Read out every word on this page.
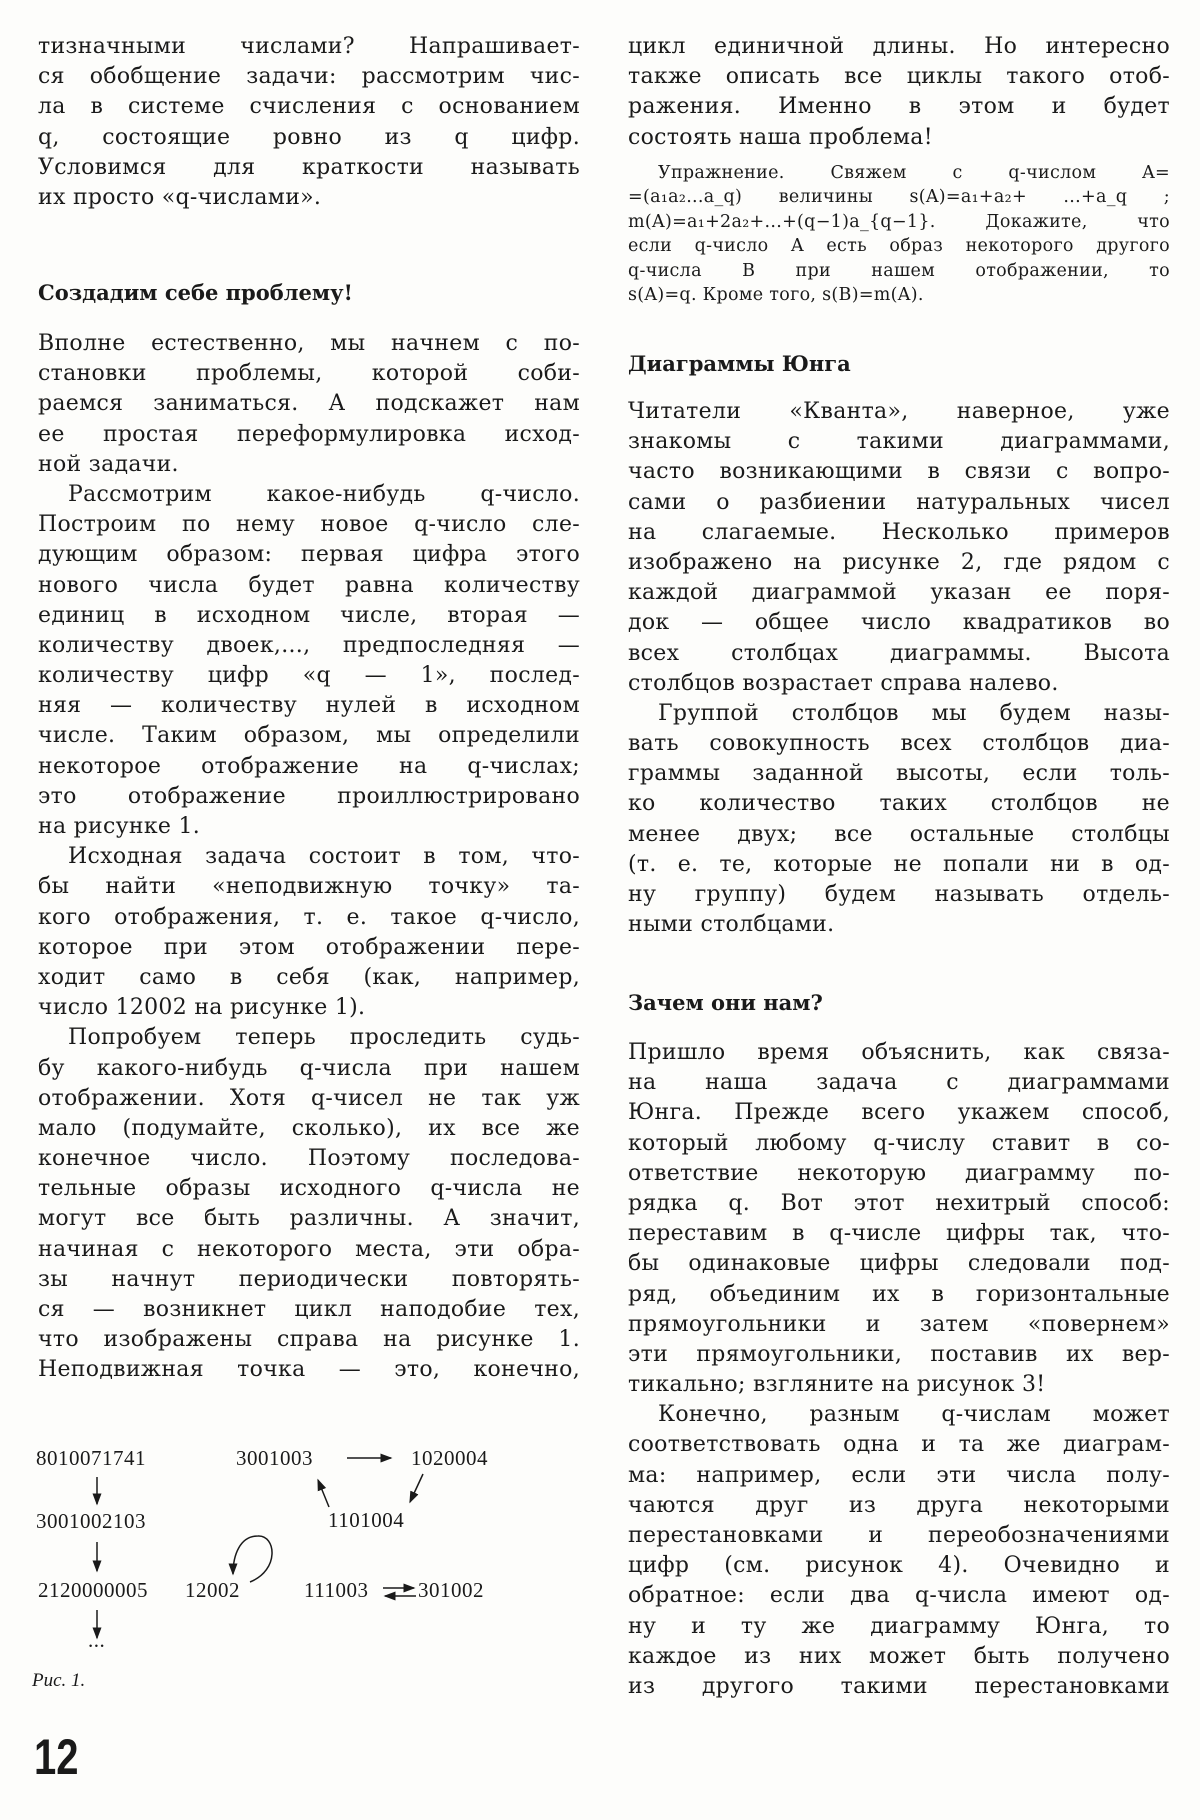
тизначными числами? Напрашивает-
ся обобщение задачи: рассмотрим чис-
ла в системе счисления с основанием
q, состоящие ровно из q цифр.
Условимся для краткости называть
их просто «q-числами».
Создадим себе проблему!
Вполне естественно, мы начнем с по-
становки проблемы, которой соби-
раемся заниматься. А подскажет нам
ее простая переформулировка исход-
ной задачи.
Рассмотрим какое-нибудь q-число.
Построим по нему новое q-число сле-
дующим образом: первая цифра этого
нового числа будет равна количеству
единиц в исходном числе, вторая —
количеству двоек,..., предпоследняя —
количеству цифр «q — 1», послед-
няя — количеству нулей в исходном
числе. Таким образом, мы определили
некоторое отображение на q-числах;
это отображение проиллюстрировано
на рисунке 1.
Исходная задача состоит в том, что-
бы найти «неподвижную точку» та-
кого отображения, т. е. такое q-число,
которое при этом отображении пере-
ходит само в себя (как, например,
число 12002 на рисунке 1).
Попробуем теперь проследить судь-
бу какого-нибудь q-числа при нашем
отображении. Хотя q-чисел не так уж
мало (подумайте, сколько), их все же
конечное число. Поэтому последова-
тельные образы исходного q-числа не
могут все быть различны. А значит,
начиная с некоторого места, эти обра-
зы начнут периодически повторять-
ся — возникнет цикл наподобие тех,
что изображены справа на рисунке 1.
Неподвижная точка — это, конечно,
цикл единичной длины. Но интересно
также описать все циклы такого отоб-
ражения. Именно в этом и будет
состоять наша проблема!
Упражнение. Свяжем с q-числом A=
=(a₁a₂...a_q) величины s(A)=a₁+a₂+ ...+a_q ;
m(A)=a₁+2a₂+...+(q−1)a_{q−1}. Докажите, что
если q-число A есть образ некоторого другого
q-числа B при нашем отображении, то
s(A)=q. Кроме того, s(B)=m(A).
Диаграммы Юнга
Читатели «Кванта», наверное, уже
знакомы с такими диаграммами,
часто возникающими в связи с вопро-
сами о разбиении натуральных чисел
на слагаемые. Несколько примеров
изображено на рисунке 2, где рядом с
каждой диаграммой указан ее поря-
док — общее число квадратиков во
всех столбцах диаграммы. Высота
столбцов возрастает справа налево.
Группой столбцов мы будем назы-
вать совокупность всех столбцов диа-
граммы заданной высоты, если толь-
ко количество таких столбцов не
менее двух; все остальные столбцы
(т. е. те, которые не попали ни в од-
ну группу) будем называть отдель-
ными столбцами.
Зачем они нам?
Пришло время объяснить, как связа-
на наша задача с диаграммами
Юнга. Прежде всего укажем способ,
который любому q-числу ставит в со-
ответствие некоторую диаграмму по-
рядка q. Вот этот нехитрый способ:
переставим в q-числе цифры так, что-
бы одинаковые цифры следовали под-
ряд, объединим их в горизонтальные
прямоугольники и затем «повернем»
эти прямоугольники, поставив их вер-
тикально; взгляните на рисунок 3!
Конечно, разным q-числам может
соответствовать одна и та же диаграм-
ма: например, если эти числа полу-
чаются друг из друга некоторыми
перестановками и переобозначениями
цифр (см. рисунок 4). Очевидно и
обратное: если два q-числа имеют од-
ну и ту же диаграмму Юнга, то
каждое из них может быть получено
из другого такими перестановками
8010071741
3001002103
2120000005
...
12002
3001003	1020004
1101004
111003 301002
Рис. 1.
12
